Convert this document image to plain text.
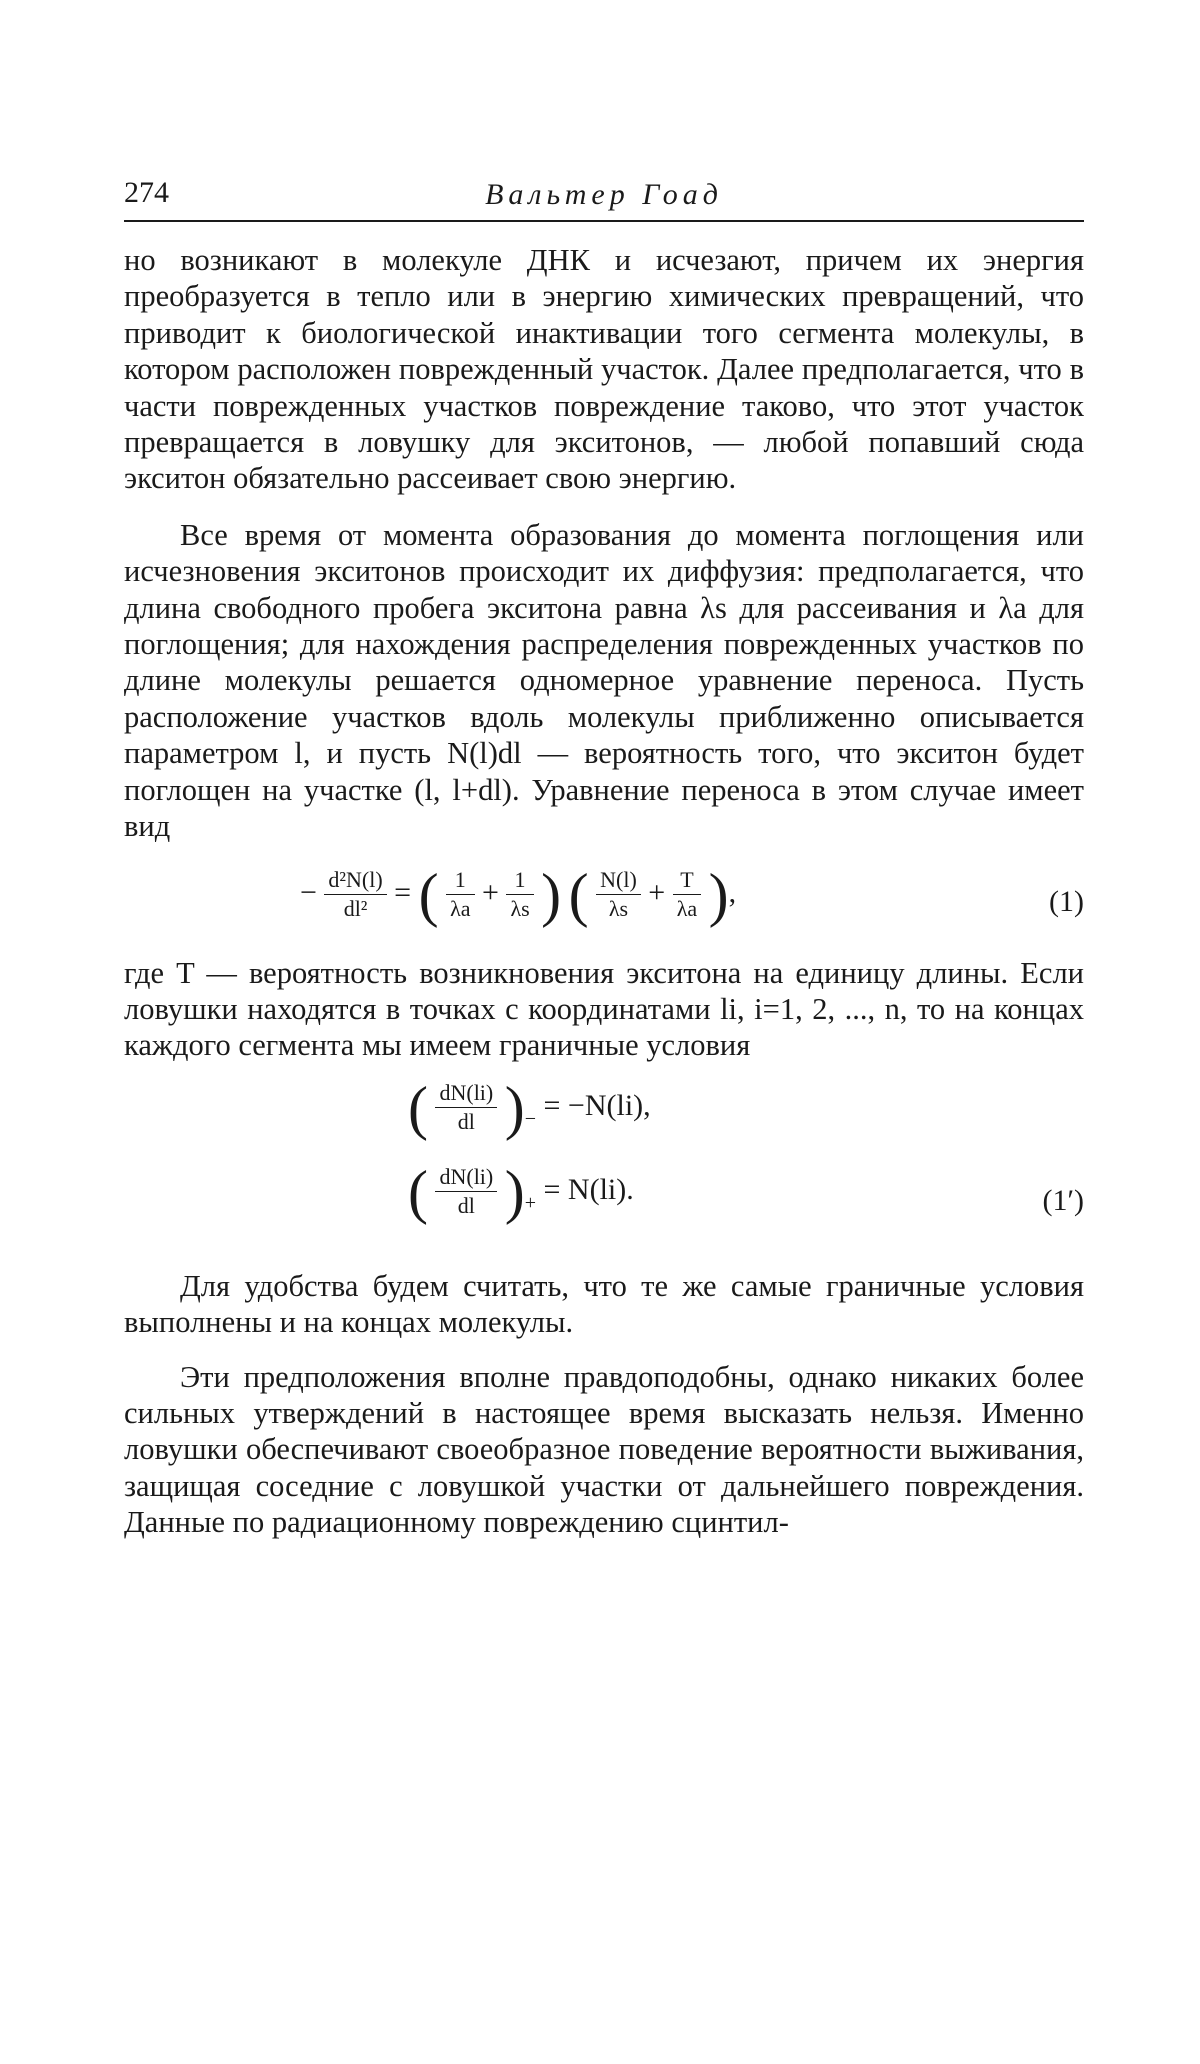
274	Вальтер Гоад

но возникают в молекуле ДНК и исчезают, причем их энергия преобразуется в тепло или в энергию химических превращений, что приводит к биологической инактивации того сегмента молекулы, в котором расположен поврежденный участок. Далее предполагается, что в части поврежденных участков повреждение таково, что этот участок превращается в ловушку для экситонов, — любой попавший сюда экситон обязательно рассеивает свою энергию.

Все время от момента образования до момента поглощения или исчезновения экситонов происходит их диффузия: предполагается, что длина свободного пробега экситона равна λs для рассеивания и λa для поглощения; для нахождения распределения поврежденных участков по длине молекулы решается одномерное уравнение переноса. Пусть расположение участков вдоль молекулы приближенно описывается параметром l, и пусть N(l)dl — вероятность того, что экситон будет поглощен на участке (l, l+dl). Уравнение переноса в этом случае имеет вид

− $\frac{\text{d²N(l)}}{\text{dl²}}$ = ( $\frac{1}{\lambda a} + \frac{1}{\lambda s}$ ) ( $\frac{N(l)}{\lambda s} + \frac{T}{\lambda a}$ ),	(1)

где T — вероятность возникновения экситона на единицу длины. Если ловушки находятся в точках с координатами li, i=1, 2, ..., n, то на концах каждого сегмента мы имеем граничные условия

( $\frac{dN(li)}{dl} )_- = -N(li)$,
( $\frac{dN(li)}{dl} )_+ = N(li)$.	(1′)

Для удобства будем считать, что те же самые граничные условия выполнены и на концах молекулы.

Эти предположения вполне правдоподобны, однако никаких более сильных утверждений в настоящее время высказать нельзя. Именно ловушки обеспечивают своеобразное поведение вероятности выживания, защищая соседние с ловушкой участки от дальнейшего повреждения. Данные по радиационному повреждению сцинтил-
